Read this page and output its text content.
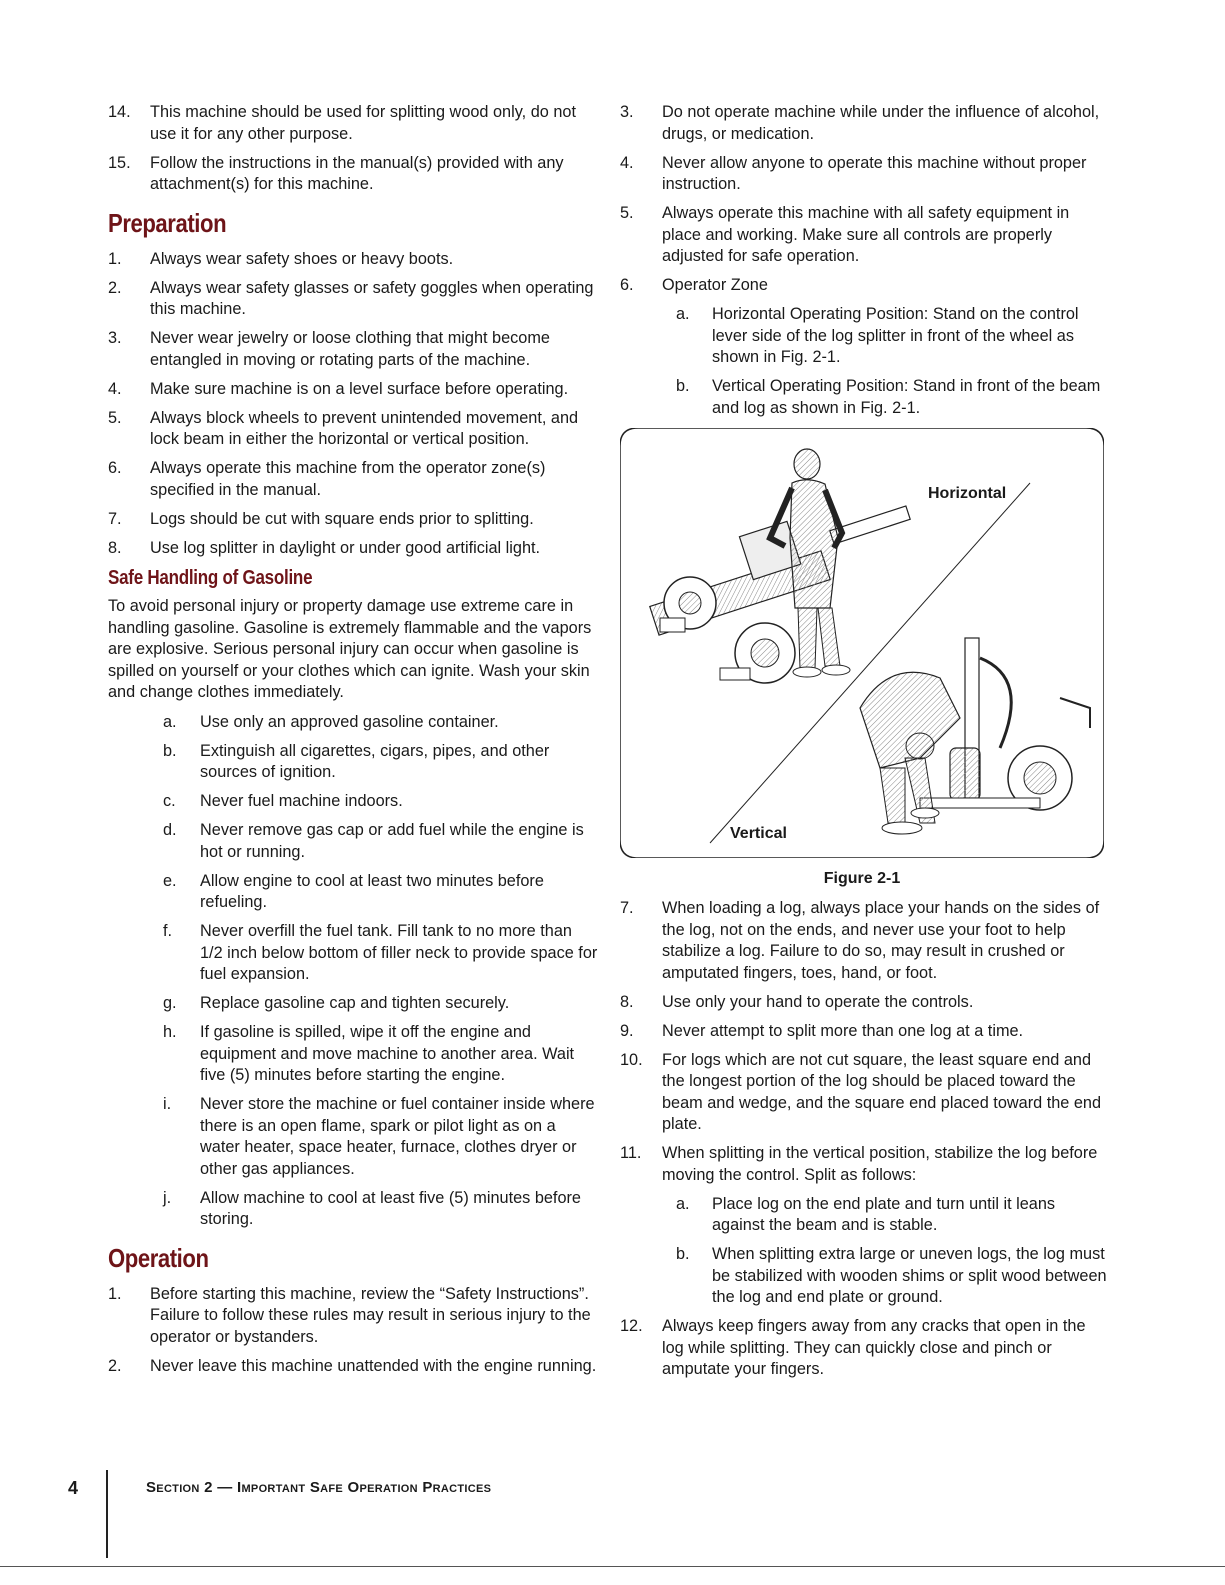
14. This machine should be used for splitting wood only, do not use it for any other purpose.
15. Follow the instructions in the manual(s) provided with any attachment(s) for this machine.
Preparation
1. Always wear safety shoes or heavy boots.
2. Always wear safety glasses or safety goggles when operating this machine.
3. Never wear jewelry or loose clothing that might become entangled in moving or rotating parts of the machine.
4. Make sure machine is on a level surface before operating.
5. Always block wheels to prevent unintended movement, and lock beam in either the horizontal or vertical position.
6. Always operate this machine from the operator zone(s) specified in the manual.
7. Logs should be cut with square ends prior to splitting.
8. Use log splitter in daylight or under good artificial light.
Safe Handling of Gasoline

To avoid personal injury or property damage use extreme care in handling gasoline. Gasoline is extremely flammable and the vapors are explosive. Serious personal injury can occur when gasoline is spilled on yourself or your clothes which can ignite. Wash your skin and change clothes immediately.

a. Use only an approved gasoline container.
b. Extinguish all cigarettes, cigars, pipes, and other sources of ignition.
c. Never fuel machine indoors.
d. Never remove gas cap or add fuel while the engine is hot or running.
e. Allow engine to cool at least two minutes before refueling.
f. Never overfill the fuel tank. Fill tank to no more than 1/2 inch below bottom of filler neck to provide space for fuel expansion.
g. Replace gasoline cap and tighten securely.
h. If gasoline is spilled, wipe it off the engine and equipment and move machine to another area. Wait five (5) minutes before starting the engine.
i. Never store the machine or fuel container inside where there is an open flame, spark or pilot light as on a water heater, space heater, furnace, clothes dryer or other gas appliances.
j. Allow machine to cool at least five (5) minutes before storing.
Operation
1. Before starting this machine, review the “Safety Instructions”. Failure to follow these rules may result in serious injury to the operator or bystanders.
2. Never leave this machine unattended with the engine running.
3. Do not operate machine while under the influence of alcohol, drugs, or medication.
4. Never allow anyone to operate this machine without proper instruction.
5. Always operate this machine with all safety equipment in place and working. Make sure all controls are properly adjusted for safe operation.
6. Operator Zone
a. Horizontal Operating Position: Stand on the control lever side of the log splitter in front of the wheel as shown in Fig. 2-1.
b. Vertical Operating Position: Stand in front of the beam and log as shown in Fig. 2-1.
Horizontal
Vertical
Figure 2-1
7. When loading a log, always place your hands on the sides of the log, not on the ends, and never use your foot to help stabilize a log. Failure to do so, may result in crushed or amputated fingers, toes, hand, or foot.
8. Use only your hand to operate the controls.
9. Never attempt to split more than one log at a time.
10. For logs which are not cut square, the least square end and the longest portion of the log should be placed toward the beam and wedge, and the square end placed toward the end plate.
11. When splitting in the vertical position, stabilize the log before moving the control. Split as follows:
a. Place log on the end plate and turn until it leans against the beam and is stable.
b. When splitting extra large or uneven logs, the log must be stabilized with wooden shims or split wood between the log and end plate or ground.
12. Always keep fingers away from any cracks that open in the log while splitting. They can quickly close and pinch or amputate your fingers.
4	Section 2 — Important Safe Operation Practices
